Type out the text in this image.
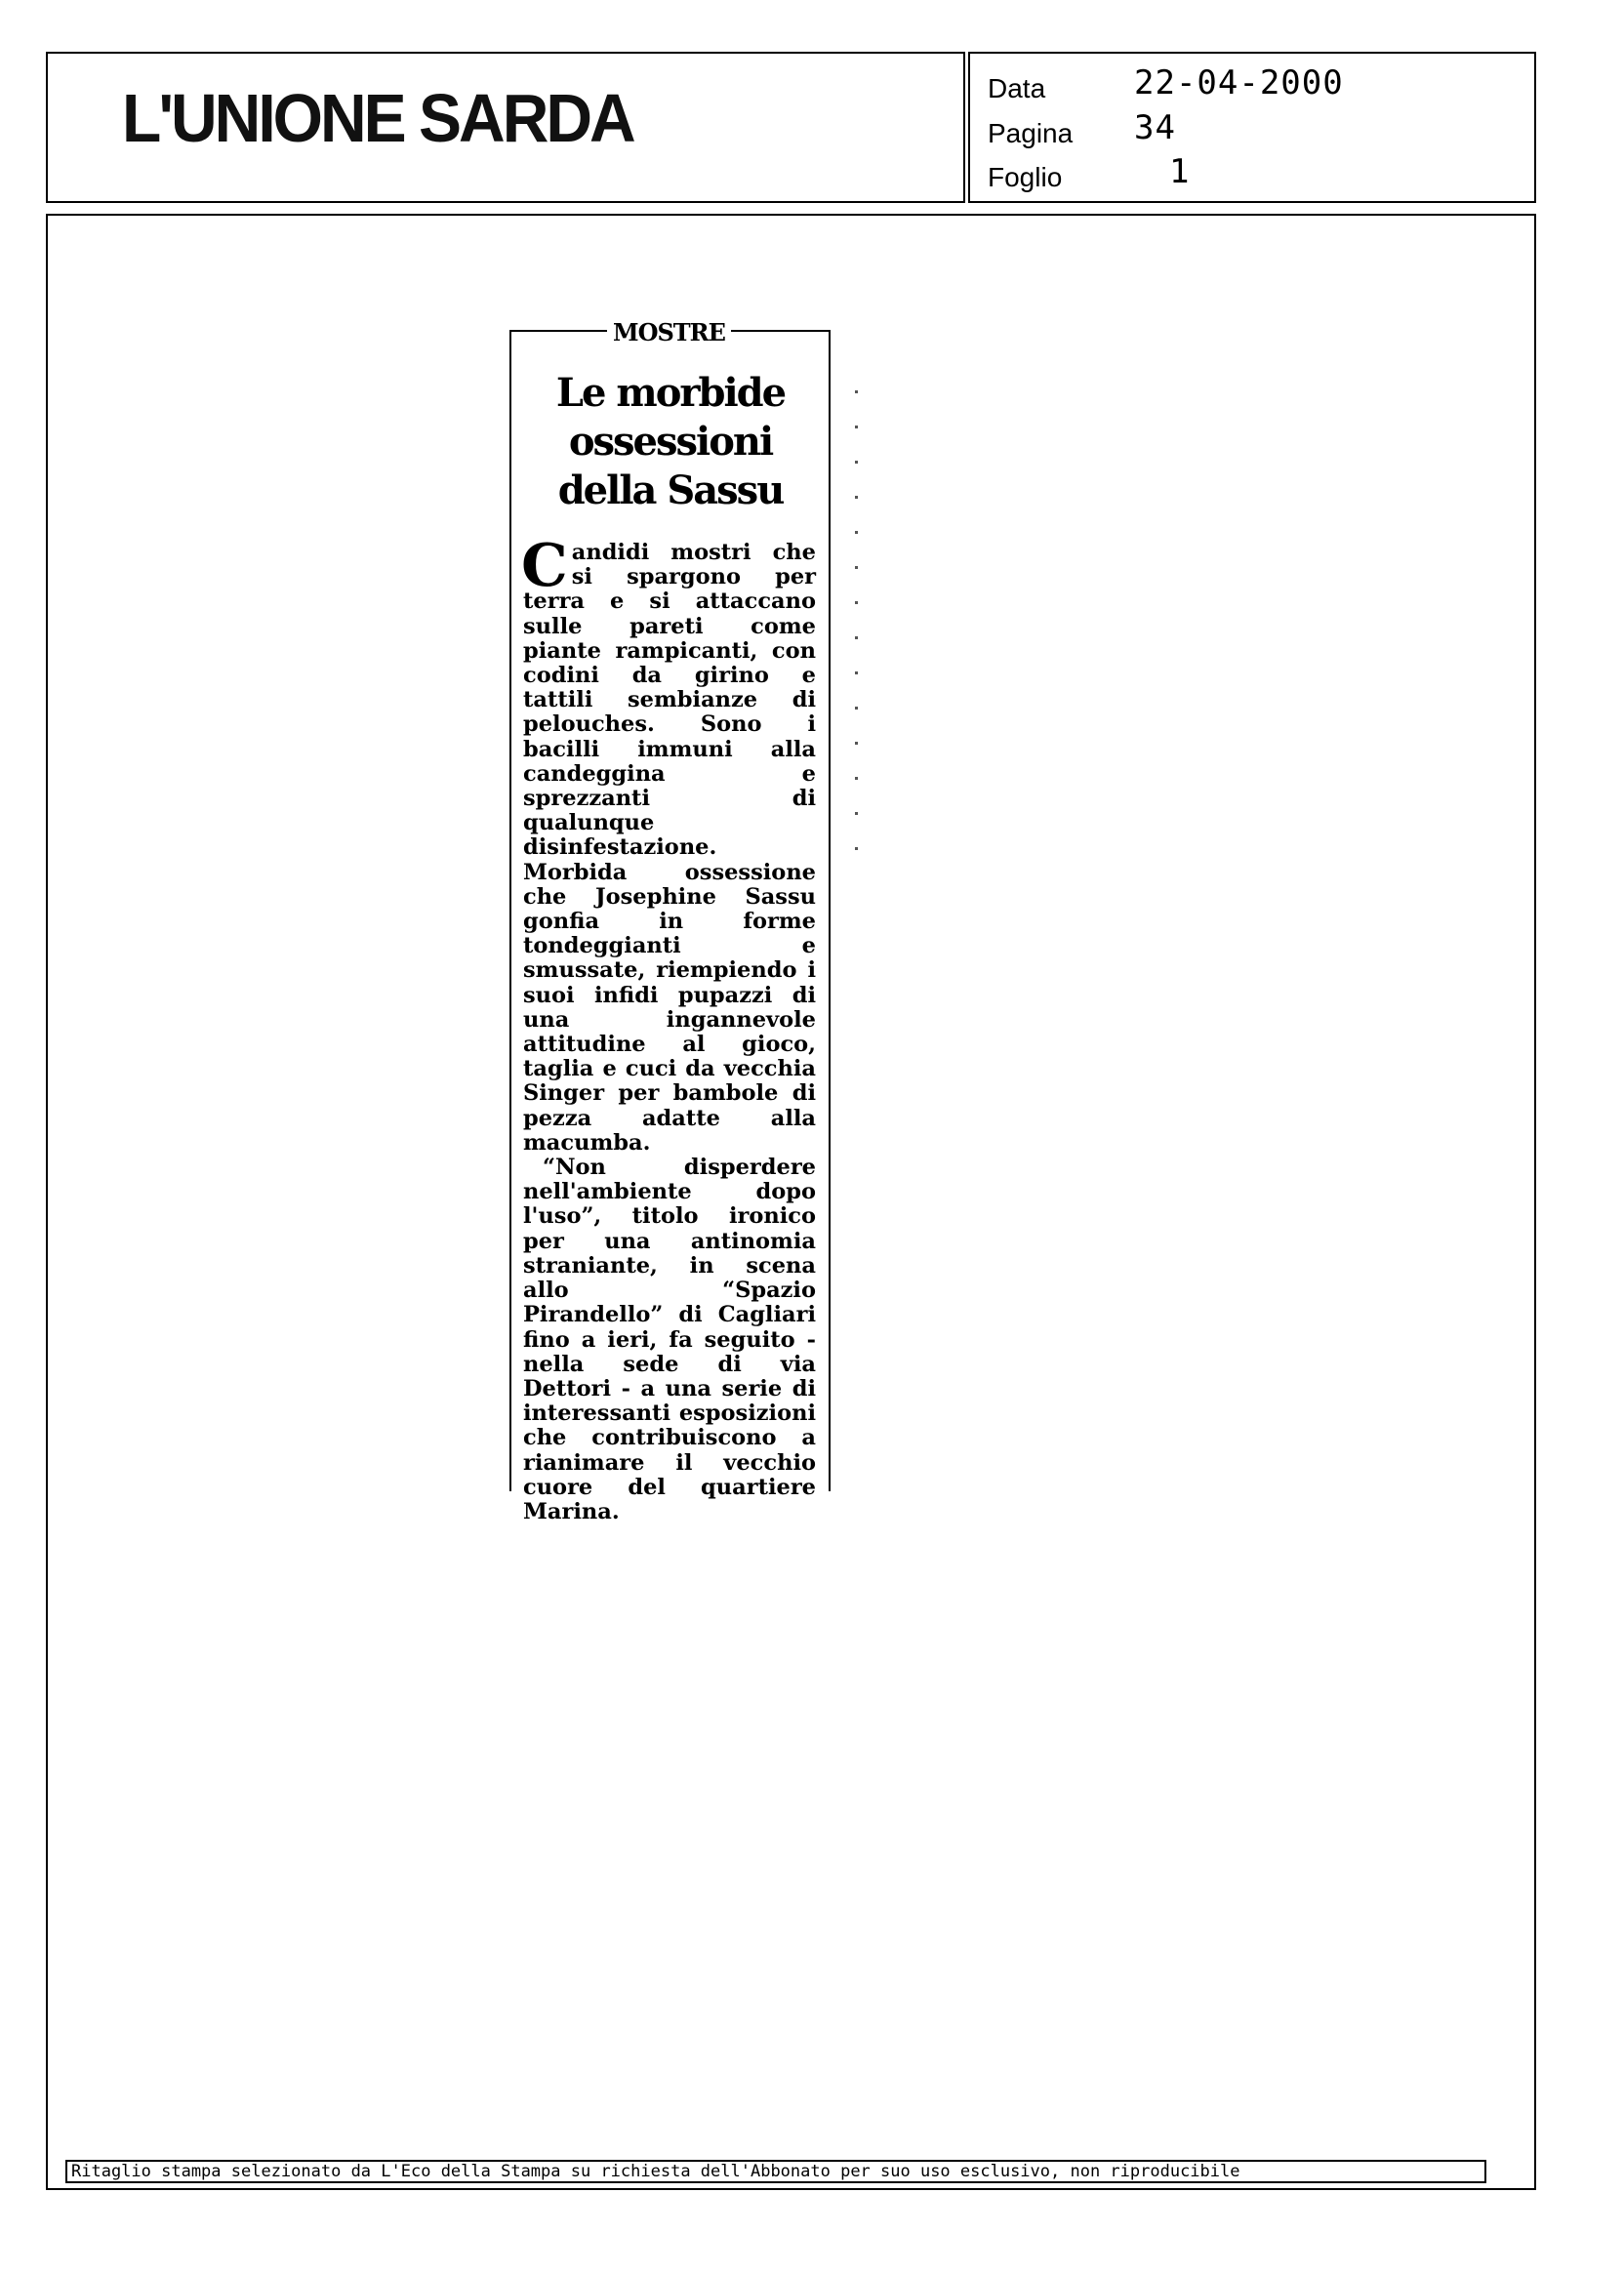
L'UNIONE SARDA	Data	22-04-2000
Pagina 34
Foglio	1
MOSTRE
Le morbide
ossessioni
della Sassu

Candidi mostri che si spargono per terra e si attaccano sulle pareti come piante rampicanti, con codini da girino e tattili sembianze di pelouches. Sono i bacilli immuni alla candeggina e sprezzanti di qualunque disinfestazione. Morbida ossessione che Josephine Sassu gonfia in forme tondeggianti e smussate, riempiendo i suoi infidi pupazzi di una ingannevole attitudine al gioco, taglia e cuci da vecchia Singer per bambole di pezza adatte alla macumba.

“Non disperdere nell'ambiente dopo l'uso”, titolo ironico per una antinomia straniante, in scena allo “Spazio Pirandello” di Cagliari fino a ieri, fa seguito - nella sede di via Dettori - a una serie di interessanti esposizioni che contribuiscono a rianimare il vecchio cuore del quartiere Marina.

Ritaglio stampa selezionato da L'Eco della Stampa su richiesta dell'Abbonato per suo uso esclusivo, non riproducibile
